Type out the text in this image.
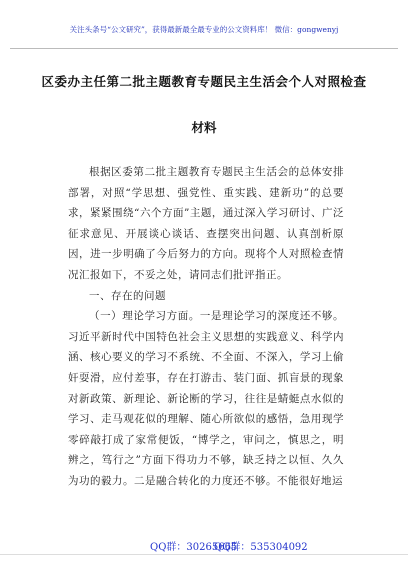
关注头条号“公文研究”，获得最新最全最专业的公文资料库！ 微信：gongwenyj
区委办主任第二批主题教育专题民主生活会个人对照检查
材料

根据区委第二批主题教育专题民主生活会的总体安排部署，对照“学思想、强党性、重实践、建新功”的总要求，紧紧围绕“六个方面”主题，通过深入学习研讨、广泛征求意见、开展谈心谈话、查摆突出问题、认真剖析原因，进一步明确了今后努力的方向。现将个人对照检查情况汇报如下，不妥之处，请同志们批评指正。

一、存在的问题

（一）理论学习方面。一是理论学习的深度还不够。习近平新时代中国特色社会主义思想的实践意义、科学内涵、核心要义的学习不系统、不全面、不深入，学习上偷奸耍滑，应付差事，存在打游击、装门面、抓盲景的现象对新政策、新理论、新论断的学习，往往是蜻蜓点水似的学习、走马观花似的理解、随心所欲似的感悟，急用现学零碎敲打成了家常便饭，“博学之，审问之，慎思之，明辨之，笃行之”方面下得功力不够，缺乏持之以恒、久久为功的毅力。二是融合转化的力度还不够。不能很好地运

QQ群：30265665
QQ群：535304092
